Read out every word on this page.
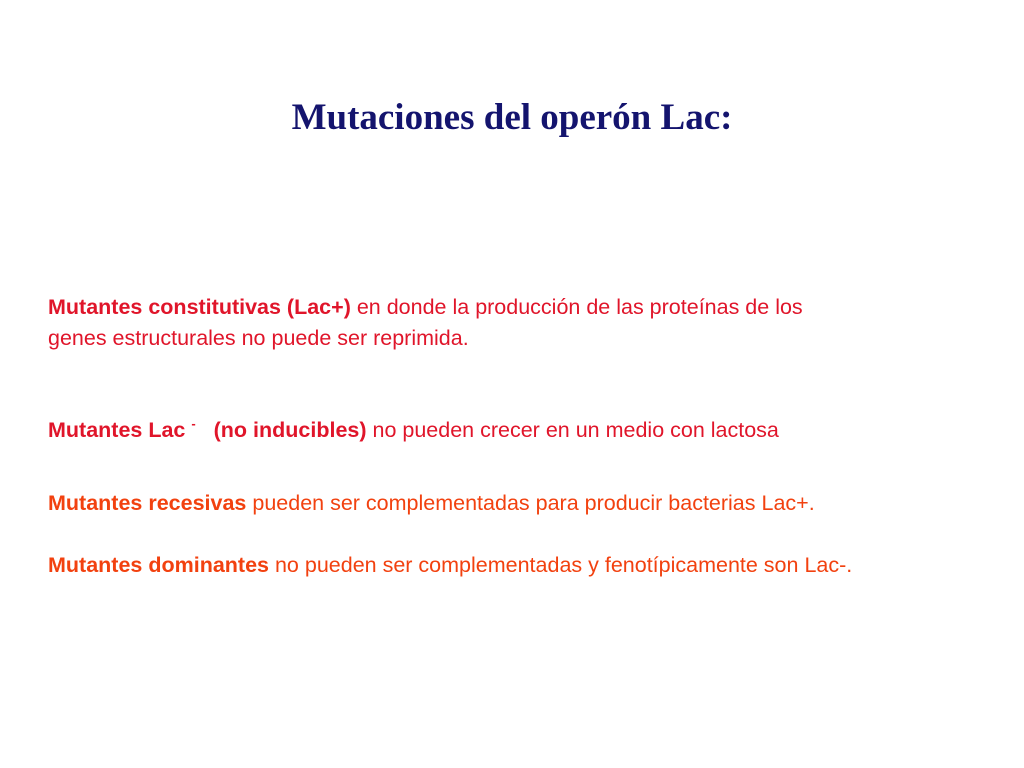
Mutaciones del operón Lac:

Mutantes constitutivas (Lac+) en donde la producción de las proteínas de los
genes estructurales no puede ser reprimida.

Mutantes Lac - (no inducibles) no pueden crecer en un medio con lactosa

Mutantes recesivas pueden ser complementadas para producir bacterias Lac+.

Mutantes dominantes no pueden ser complementadas y fenotípicamente son Lac-.
